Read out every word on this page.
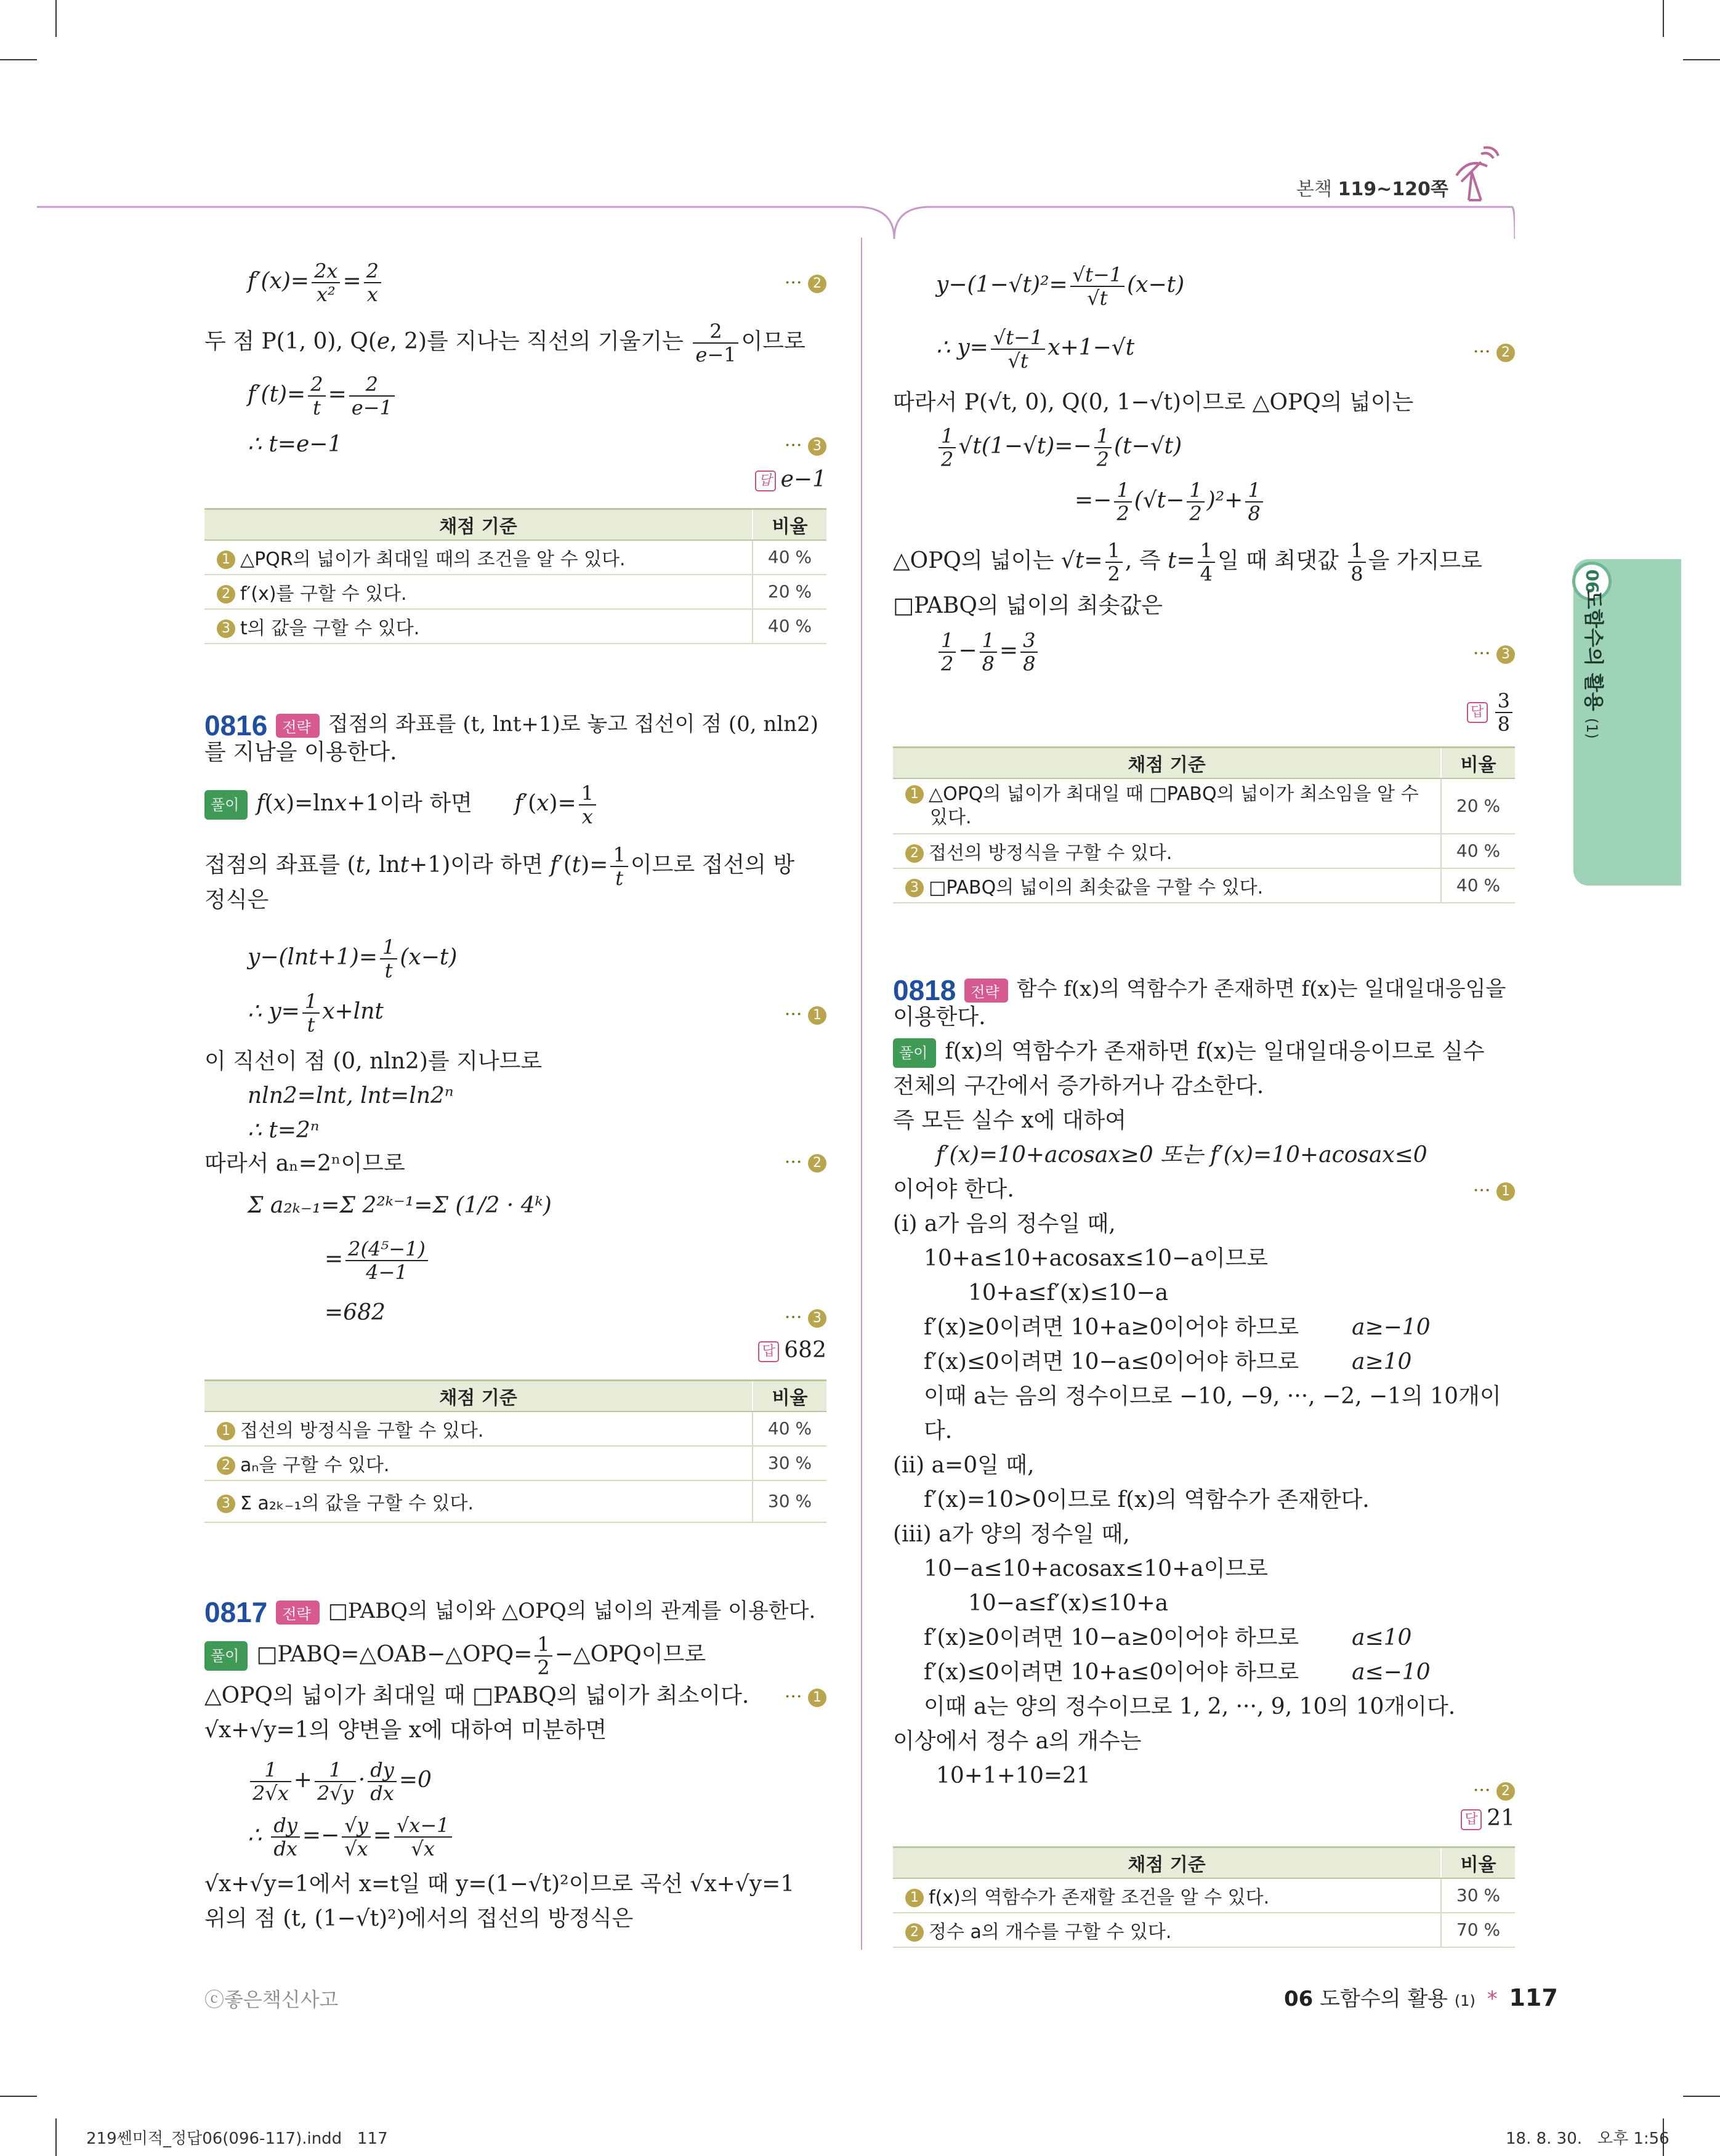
본책 119~120쪽
06
도함수의 활용 (1)
$f'(x)= \frac{2x}{\text{x²}} = \frac{2}{x}$	··· 2
두 점 P(1, 0), Q(e, 2)를 지나는 직선의 기울기는 $\frac{2}{e-1}$ 이므로
$f'(t)= \frac{2}{t} = \frac{2}{e-1}$
∴ t=e−1	··· 3
답 e−1
채점 기준	비율
1 △PQR의 넓이가 최대일 때의 조건을 알 수 있다.	40 %
2 f′(x)를 구할 수 있다.	20 %
3 t의 값을 구할 수 있다.	40 %
0816 전략 접점의 좌표를 (t, lnt+1)로 놓고 접선이 점 (0, nln2)
를 지남을 이용한다.
풀이 f(x)=lnx+1이라 하면      $f'(x)= \frac{1}{x}$
접점의 좌표를 (t, lnt+1)이라 하면 $f'(t)= \frac{1}{t}$ 이므로 접선의 방
정식은
$y-(\ln t+1)= \frac{1}{t} (x-t)$
∴ $y= \frac{1}{t} x+\ln t$	··· 1
이 직선이 점 (0, nln2)를 지나므로
nln2=lnt, lnt=ln2ⁿ
∴ t=2ⁿ
따라서 aₙ=2ⁿ이므로	··· 2
Σ a₂ₖ₋₁=Σ 2²ᵏ⁻¹=Σ (1/2 · 4ᵏ)
= $\frac{\text{2(4⁵−1)}}{4-1}$
=682	··· 3
답 682
채점 기준	비율
1 접선의 방정식을 구할 수 있다.	40 %
2 aₙ을 구할 수 있다.	30 %
3 Σ a₂ₖ₋₁의 값을 구할 수 있다.	30 %
0817 전략 □PABQ의 넓이와 △OPQ의 넓이의 관계를 이용한다.
풀이 □PABQ=△OAB−△OPQ= $\frac{1}{2}$ −△OPQ이므로
△OPQ의 넓이가 최대일 때 □PABQ의 넓이가 최소이다. ··· 1
√x+√y=1의 양변을 x에 대하여 미분하면
$\frac{1}{2√x} + \frac{1}{2√y} \cdot \frac{dy}{dx} =0$
∴ $\frac{dy}{dx} =- \frac{√y}{√x} = \frac{√x-1}{√x}$
√x+√y=1에서 x=t일 때 y=(1−√t)²이므로 곡선 √x+√y=1
위의 점 (t, (1−√t)²)에서의 접선의 방정식은
$y-(1-√t)^2= \frac{√t-1}{√t} (x-t)$
∴ $y= \frac{√t-1}{√t} x+1-√t$	··· 2
따라서 P(√t, 0), Q(0, 1−√t)이므로 △OPQ의 넓이는
$\frac{1}{2} √t(1-√t)=- \frac{1}{2} (t-√t)$
=− $\frac{1}{2} (√t- \frac{1}{2} )^2+ \frac{1}{8}$
△OPQ의 넓이는 $√t= \frac{1}{2}$ , 즉 $t= \frac{1}{4}$ 일 때 최댓값 $\frac{1}{8}$ 을 가지므로
□PABQ의 넓이의 최솟값은
$\frac{1}{2} - \frac{1}{8} = \frac{3}{8}$	··· 3
답 $\frac{3}{8}$
채점 기준	비율
1 △OPQ의 넓이가 최대일 때 □PABQ의 넓이가 최소임을 알 수
있다.	20 %
2 접선의 방정식을 구할 수 있다.	40 %
3 □PABQ의 넓이의 최솟값을 구할 수 있다.	40 %
0818 전략 함수 f(x)의 역함수가 존재하면 f(x)는 일대일대응임을
이용한다.
풀이 f(x)의 역함수가 존재하면 f(x)는 일대일대응이므로 실수
전체의 구간에서 증가하거나 감소한다.
즉 모든 실수 x에 대하여
f′(x)=10+acosax≥0 또는 f′(x)=10+acosax≤0
이어야 한다.	··· 1
(i) a가 음의 정수일 때,
10+a≤10+acosax≤10−a이므로
10+a≤f′(x)≤10−a
f′(x)≥0이려면 10+a≥0이어야 하므로 a≥−10
f′(x)≤0이려면 10−a≤0이어야 하므로 a≥10
이때 a는 음의 정수이므로 −10, −9, ···, −2, −1의 10개이
다.
(ii) a=0일 때,
f′(x)=10>0이므로 f(x)의 역함수가 존재한다.
(iii) a가 양의 정수일 때,
10−a≤10+acosax≤10+a이므로
10−a≤f′(x)≤10+a
f′(x)≥0이려면 10−a≥0이어야 하므로 a≤10
f′(x)≤0이려면 10+a≤0이어야 하므로 a≤−10
이때 a는 양의 정수이므로 1, 2, ···, 9, 10의 10개이다.
이상에서 정수 a의 개수는
10+1+10=21
··· 2
답 21
채점 기준	비율
1 f(x)의 역함수가 존재할 조건을 알 수 있다.	30 %
2 정수 a의 개수를 구할 수 있다.	70 %
ⓒ좋은책신사고	06 도함수의 활용 (1) * 117
219쎈미적_정답06(096-117).indd   117	18. 8. 30.   오후 1:56
